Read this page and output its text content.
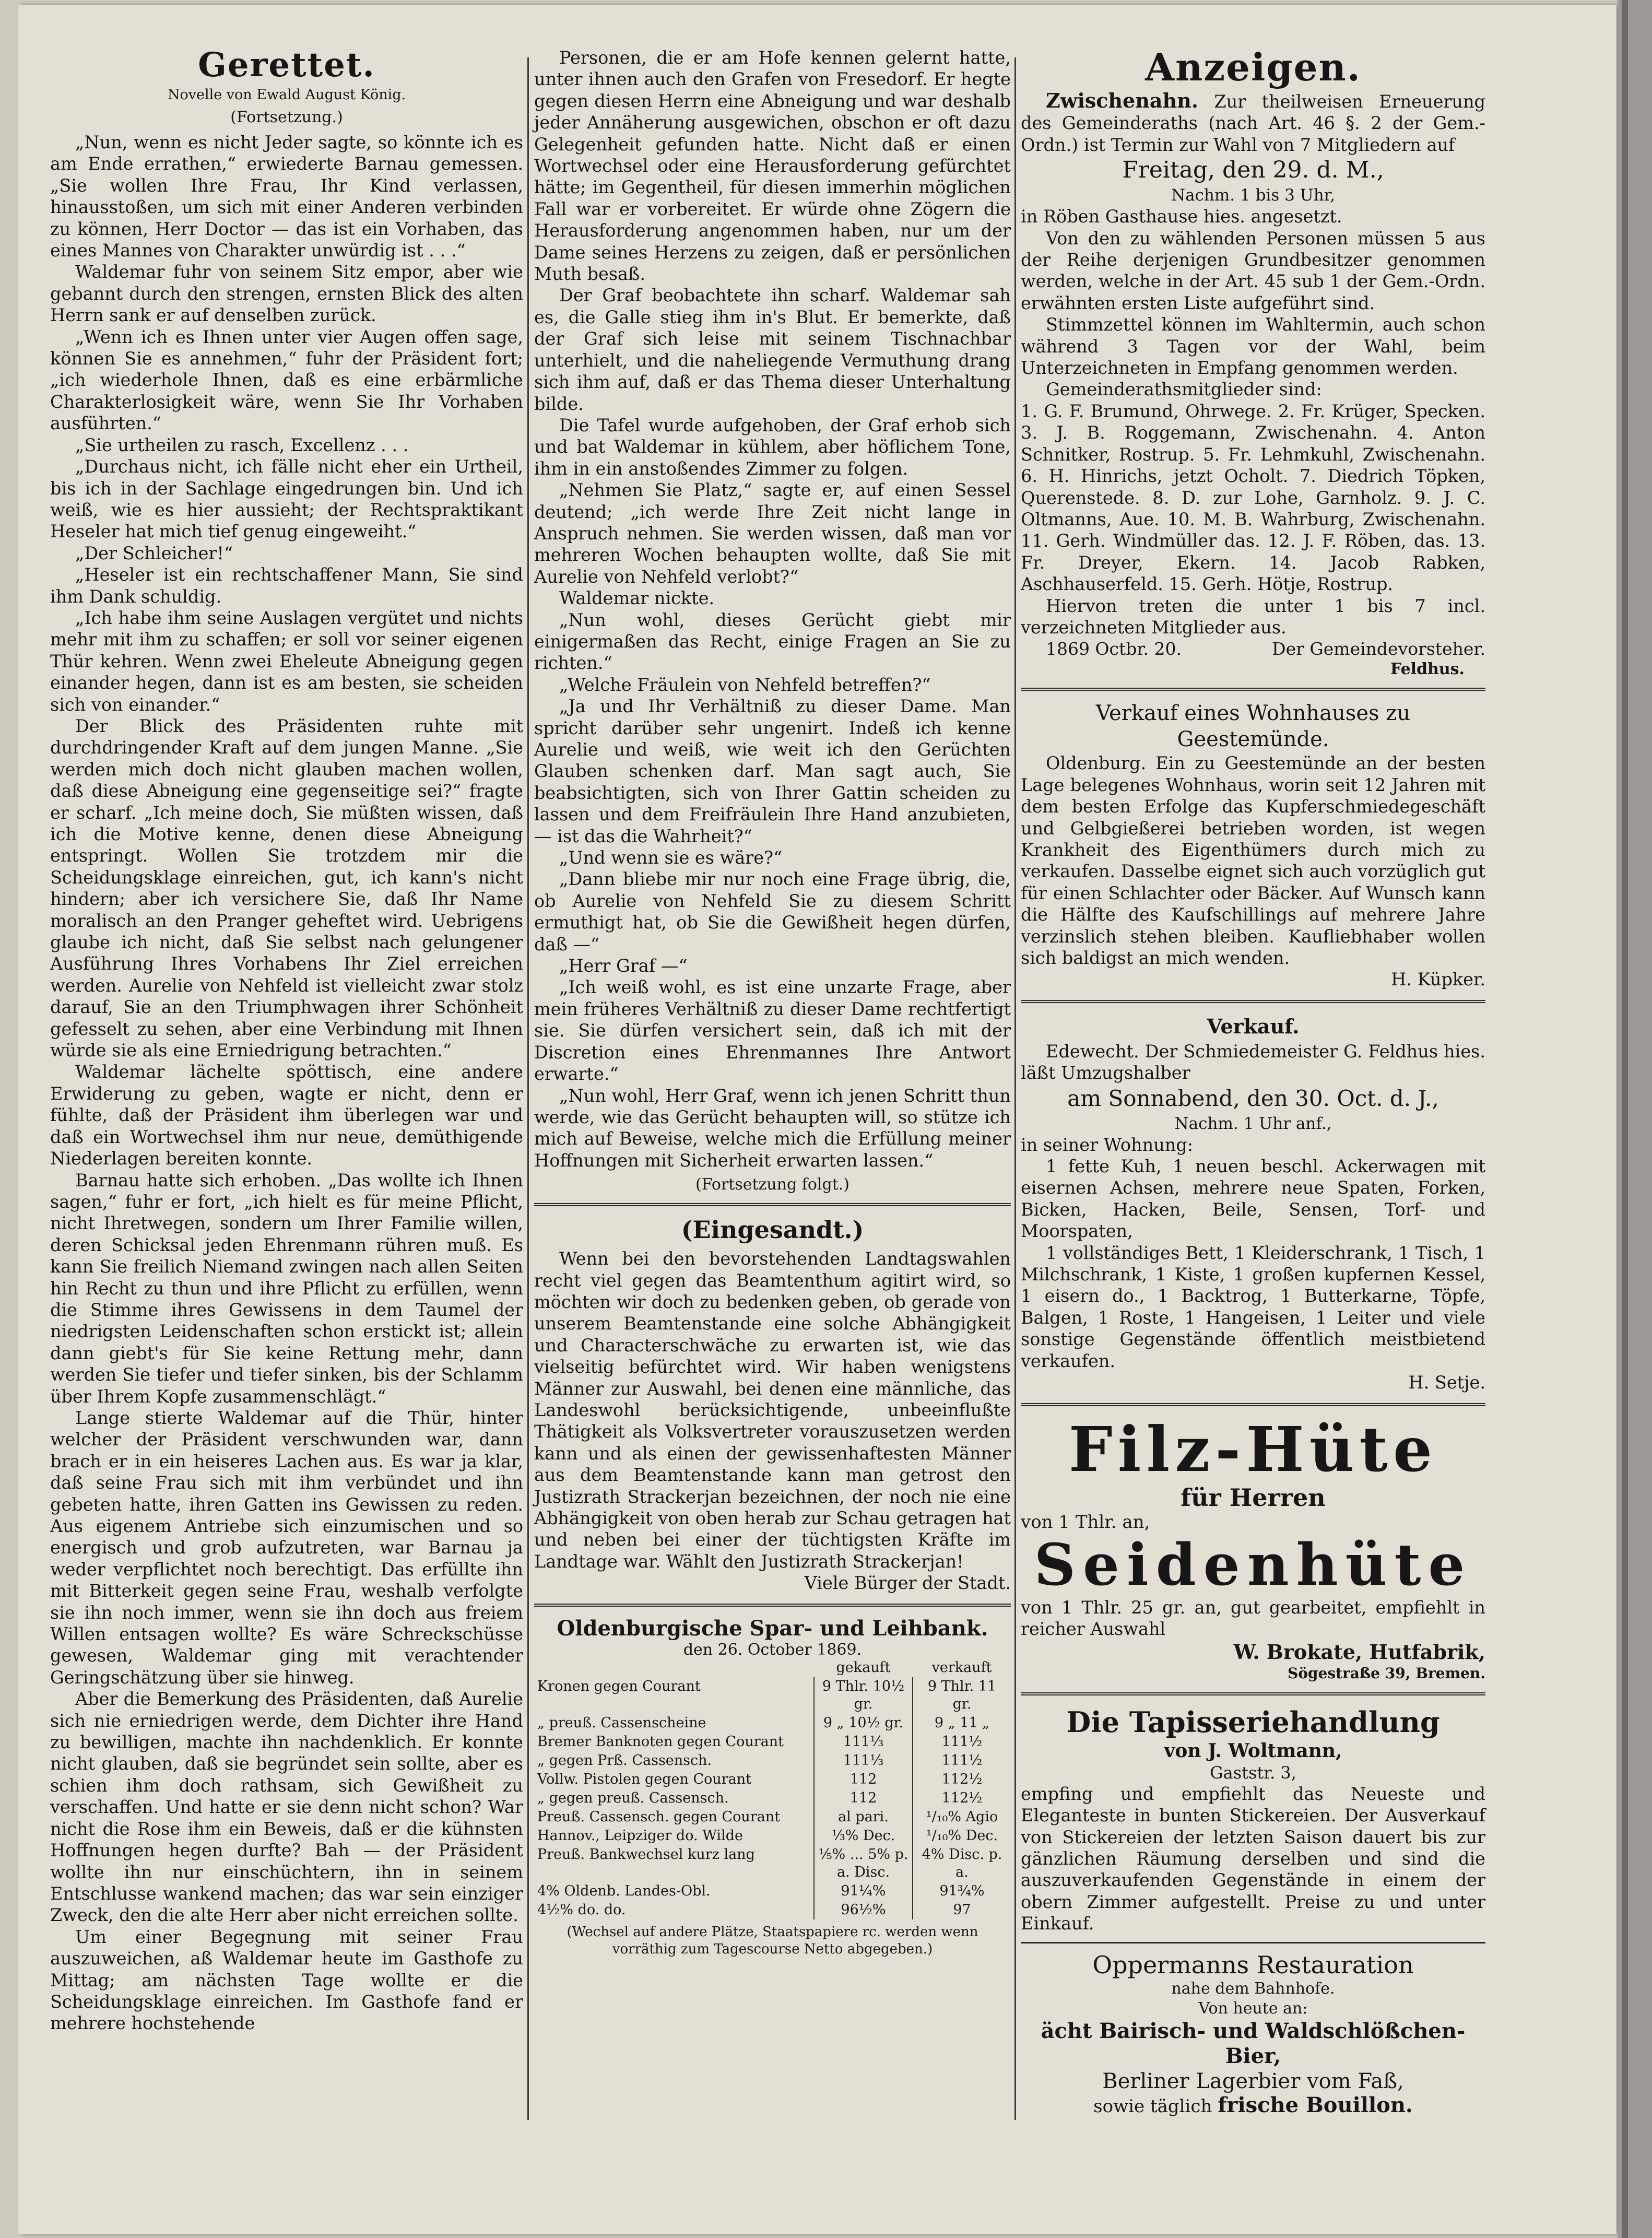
Gerettet.
Novelle von Ewald August König.
(Fortsetzung.)

„Nun, wenn es nicht Jeder sagte, so könnte ich es am Ende errathen,“ erwiederte Barnau gemessen. „Sie wollen Ihre Frau, Ihr Kind verlassen, hinausstoßen, um sich mit einer Anderen verbinden zu können, Herr Doctor — das ist ein Vorhaben, das eines Mannes von Charakter unwürdig ist . . .“

Waldemar fuhr von seinem Sitz empor, aber wie gebannt durch den strengen, ernsten Blick des alten Herrn sank er auf denselben zurück.

„Wenn ich es Ihnen unter vier Augen offen sage, können Sie es annehmen,“ fuhr der Präsident fort; „ich wiederhole Ihnen, daß es eine erbärmliche Charakterlosigkeit wäre, wenn Sie Ihr Vorhaben ausführten.“

„Sie urtheilen zu rasch, Excellenz . . .

„Durchaus nicht, ich fälle nicht eher ein Urtheil, bis ich in der Sachlage eingedrungen bin. Und ich weiß, wie es hier aussieht; der Rechtspraktikant Heseler hat mich tief genug eingeweiht.“

„Der Schleicher!“

„Heseler ist ein rechtschaffener Mann, Sie sind ihm Dank schuldig.

„Ich habe ihm seine Auslagen vergütet und nichts mehr mit ihm zu schaffen; er soll vor seiner eigenen Thür kehren. Wenn zwei Eheleute Abneigung gegen einander hegen, dann ist es am besten, sie scheiden sich von einander.“

Der Blick des Präsidenten ruhte mit durchdringender Kraft auf dem jungen Manne. „Sie werden mich doch nicht glauben machen wollen, daß diese Abneigung eine gegenseitige sei?“ fragte er scharf. „Ich meine doch, Sie müßten wissen, daß ich die Motive kenne, denen diese Abneigung entspringt. Wollen Sie trotzdem mir die Scheidungsklage einreichen, gut, ich kann's nicht hindern; aber ich versichere Sie, daß Ihr Name moralisch an den Pranger geheftet wird. Uebrigens glaube ich nicht, daß Sie selbst nach gelungener Ausführung Ihres Vorhabens Ihr Ziel erreichen werden. Aurelie von Nehfeld ist vielleicht zwar stolz darauf, Sie an den Triumphwagen ihrer Schönheit gefesselt zu sehen, aber eine Verbindung mit Ihnen würde sie als eine Erniedrigung betrachten.“

Waldemar lächelte spöttisch, eine andere Erwiderung zu geben, wagte er nicht, denn er fühlte, daß der Präsident ihm überlegen war und daß ein Wortwechsel ihm nur neue, demüthigende Niederlagen bereiten konnte.

Barnau hatte sich erhoben. „Das wollte ich Ihnen sagen,“ fuhr er fort, „ich hielt es für meine Pflicht, nicht Ihretwegen, sondern um Ihrer Familie willen, deren Schicksal jeden Ehrenmann rühren muß. Es kann Sie freilich Niemand zwingen nach allen Seiten hin Recht zu thun und ihre Pflicht zu erfüllen, wenn die Stimme ihres Gewissens in dem Taumel der niedrigsten Leidenschaften schon erstickt ist; allein dann giebt's für Sie keine Rettung mehr, dann werden Sie tiefer und tiefer sinken, bis der Schlamm über Ihrem Kopfe zusammenschlägt.“

Lange stierte Waldemar auf die Thür, hinter welcher der Präsident verschwunden war, dann brach er in ein heiseres Lachen aus. Es war ja klar, daß seine Frau sich mit ihm verbündet und ihn gebeten hatte, ihren Gatten ins Gewissen zu reden. Aus eigenem Antriebe sich einzumischen und so energisch und grob aufzutreten, war Barnau ja weder verpflichtet noch berechtigt. Das erfüllte ihn mit Bitterkeit gegen seine Frau, weshalb verfolgte sie ihn noch immer, wenn sie ihn doch aus freiem Willen entsagen wollte? Es wäre Schreckschüsse gewesen, Waldemar ging mit verachtender Geringschätzung über sie hinweg.

Aber die Bemerkung des Präsidenten, daß Aurelie sich nie erniedrigen werde, dem Dichter ihre Hand zu bewilligen, machte ihn nachdenklich. Er konnte nicht glauben, daß sie begründet sein sollte, aber es schien ihm doch rathsam, sich Gewißheit zu verschaffen. Und hatte er sie denn nicht schon? War nicht die Rose ihm ein Beweis, daß er die kühnsten Hoffnungen hegen durfte? Bah — der Präsident wollte ihn nur einschüchtern, ihn in seinem Entschlusse wankend machen; das war sein einziger Zweck, den die alte Herr aber nicht erreichen sollte.

Um einer Begegnung mit seiner Frau auszuweichen, aß Waldemar heute im Gasthofe zu Mittag; am nächsten Tage wollte er die Scheidungsklage einreichen. Im Gasthofe fand er mehrere hochstehende

Personen, die er am Hofe kennen gelernt hatte, unter ihnen auch den Grafen von Fresedorf. Er hegte gegen diesen Herrn eine Abneigung und war deshalb jeder Annäherung ausgewichen, obschon er oft dazu Gelegenheit gefunden hatte. Nicht daß er einen Wortwechsel oder eine Herausforderung gefürchtet hätte; im Gegentheil, für diesen immerhin möglichen Fall war er vorbereitet. Er würde ohne Zögern die Herausforderung angenommen haben, nur um der Dame seines Herzens zu zeigen, daß er persönlichen Muth besaß.

Der Graf beobachtete ihn scharf. Waldemar sah es, die Galle stieg ihm in's Blut. Er bemerkte, daß der Graf sich leise mit seinem Tischnachbar unterhielt, und die naheliegende Vermuthung drang sich ihm auf, daß er das Thema dieser Unterhaltung bilde.

Die Tafel wurde aufgehoben, der Graf erhob sich und bat Waldemar in kühlem, aber höflichem Tone, ihm in ein anstoßendes Zimmer zu folgen.

„Nehmen Sie Platz,“ sagte er, auf einen Sessel deutend; „ich werde Ihre Zeit nicht lange in Anspruch nehmen. Sie werden wissen, daß man vor mehreren Wochen behaupten wollte, daß Sie mit Aurelie von Nehfeld verlobt?“

Waldemar nickte.

„Nun wohl, dieses Gerücht giebt mir einigermaßen das Recht, einige Fragen an Sie zu richten.“

„Welche Fräulein von Nehfeld betreffen?“

„Ja und Ihr Verhältniß zu dieser Dame. Man spricht darüber sehr ungenirt. Indeß ich kenne Aurelie und weiß, wie weit ich den Gerüchten Glauben schenken darf. Man sagt auch, Sie beabsichtigten, sich von Ihrer Gattin scheiden zu lassen und dem Freifräulein Ihre Hand anzubieten, — ist das die Wahrheit?“

„Und wenn sie es wäre?“

„Dann bliebe mir nur noch eine Frage übrig, die, ob Aurelie von Nehfeld Sie zu diesem Schritt ermuthigt hat, ob Sie die Gewißheit hegen dürfen, daß —“

„Herr Graf —“

„Ich weiß wohl, es ist eine unzarte Frage, aber mein früheres Verhältniß zu dieser Dame rechtfertigt sie. Sie dürfen versichert sein, daß ich mit der Discretion eines Ehrenmannes Ihre Antwort erwarte.“

„Nun wohl, Herr Graf, wenn ich jenen Schritt thun werde, wie das Gerücht behaupten will, so stütze ich mich auf Beweise, welche mich die Erfüllung meiner Hoffnungen mit Sicherheit erwarten lassen.“

(Fortsetzung folgt.)
(Eingesandt.)

Wenn bei den bevorstehenden Landtagswahlen recht viel gegen das Beamtenthum agitirt wird, so möchten wir doch zu bedenken geben, ob gerade von unserem Beamtenstande eine solche Abhängigkeit und Characterschwäche zu erwarten ist, wie das vielseitig befürchtet wird. Wir haben wenigstens Männer zur Auswahl, bei denen eine männliche, das Landeswohl berücksichtigende, unbeeinflußte Thätigkeit als Volksvertreter vorauszusetzen werden kann und als einen der gewissenhaftesten Männer aus dem Beamtenstande kann man getrost den Justizrath Strackerjan bezeichnen, der noch nie eine Abhängigkeit von oben herab zur Schau getragen hat und neben bei einer der tüchtigsten Kräfte im Landtage war. Wählt den Justizrath Strackerjan!

Viele Bürger der Stadt.

Oldenburgische Spar- und Leihbank.
den 26. October 1869.
	gekauft	verkauft
Kronen gegen Courant	9 Thlr. 10½ gr.	9 Thlr. 11 gr.
„ preuß. Cassenscheine	9 „ 10½ gr.	9 „ 11 „
Bremer Banknoten gegen Courant	111⅓	111½
„ gegen Prß. Cassensch.	111⅓	111½
Vollw. Pistolen gegen Courant	112	112½
„ gegen preuß. Cassensch.	112	112½
Preuß. Cassensch. gegen Courant	al pari.	¹/₁₀% Agio
Hannov., Leipziger do. Wilde	⅓% Dec.	¹/₁₀% Dec.
Preuß. Bankwechsel kurz lang	⅕% ... 5% p. a. Disc.	4% Disc. p. a.
4% Oldenb. Landes-Obl.	91¼%	91¾%
4½% do. do.	96½%	97
(Wechsel auf andere Plätze, Staatspapiere rc. werden wenn vorräthig zum Tagescourse Netto abgegeben.)
Anzeigen.

Zwischenahn. Zur theilweisen Erneuerung des Gemeinderaths (nach Art. 46 §. 2 der Gem.-Ordn.) ist Termin zur Wahl von 7 Mitgliedern auf

Freitag, den 29. d. M.,
Nachm. 1 bis 3 Uhr,

in Röben Gasthause hies. angesetzt.

Von den zu wählenden Personen müssen 5 aus der Reihe derjenigen Grundbesitzer genommen werden, welche in der Art. 45 sub 1 der Gem.-Ordn. erwähnten ersten Liste aufgeführt sind.

Stimmzettel können im Wahltermin, auch schon während 3 Tagen vor der Wahl, beim Unterzeichneten in Empfang genommen werden.

Gemeinderathsmitglieder sind:

1. G. F. Brumund, Ohrwege. 2. Fr. Krüger, Specken. 3. J. B. Roggemann, Zwischenahn. 4. Anton Schnitker, Rostrup. 5. Fr. Lehmkuhl, Zwischenahn. 6. H. Hinrichs, jetzt Ocholt. 7. Diedrich Töpken, Querenstede. 8. D. zur Lohe, Garnholz. 9. J. C. Oltmanns, Aue. 10. M. B. Wahrburg, Zwischenahn. 11. Gerh. Windmüller das. 12. J. F. Röben, das. 13. Fr. Dreyer, Ekern. 14. Jacob Rabken, Aschhauserfeld. 15. Gerh. Hötje, Rostrup.

Hiervon treten die unter 1 bis 7 incl. verzeichneten Mitglieder aus.

1869 Octbr. 20.	Der Gemeindevorsteher.
Feldhus.
Verkauf eines Wohnhauses zu Geestemünde.

Oldenburg. Ein zu Geestemünde an der besten Lage belegenes Wohnhaus, worin seit 12 Jahren mit dem besten Erfolge das Kupferschmiedegeschäft und Gelbgießerei betrieben worden, ist wegen Krankheit des Eigenthümers durch mich zu verkaufen. Dasselbe eignet sich auch vorzüglich gut für einen Schlachter oder Bäcker. Auf Wunsch kann die Hälfte des Kaufschillings auf mehrere Jahre verzinslich stehen bleiben. Kaufliebhaber wollen sich baldigst an mich wenden.

H. Küpker.

Verkauf.

Edewecht. Der Schmiedemeister G. Feldhus hies. läßt Umzugshalber

am Sonnabend, den 30. Oct. d. J.,
Nachm. 1 Uhr anf.,

in seiner Wohnung:

1 fette Kuh, 1 neuen beschl. Ackerwagen mit eisernen Achsen, mehrere neue Spaten, Forken, Bicken, Hacken, Beile, Sensen, Torf- und Moorspaten,

1 vollständiges Bett, 1 Kleiderschrank, 1 Tisch, 1 Milchschrank, 1 Kiste, 1 großen kupfernen Kessel, 1 eisern do., 1 Backtrog, 1 Butterkarne, Töpfe, Balgen, 1 Roste, 1 Hangeisen, 1 Leiter und viele sonstige Gegenstände öffentlich meistbietend verkaufen.

H. Setje.

Filz-Hüte
für Herren

von 1 Thlr. an,

Seidenhüte

von 1 Thlr. 25 gr. an, gut gearbeitet, empfiehlt in reicher Auswahl

W. Brokate, Hutfabrik,
Sögestraße 39, Bremen.
Die Tapisseriehandlung
von J. Woltmann,
Gaststr. 3,

empfing und empfiehlt das Neueste und Eleganteste in bunten Stickereien. Der Ausverkauf von Stickereien der letzten Saison dauert bis zur gänzlichen Räumung derselben und sind die auszuverkaufenden Gegenstände in einem der obern Zimmer aufgestellt. Preise zu und unter Einkauf.

Oppermanns Restauration
nahe dem Bahnhofe.
Von heute an:
ächt Bairisch- und Waldschlößchen-Bier,
Berliner Lagerbier vom Faß,
sowie täglich frische Bouillon.
